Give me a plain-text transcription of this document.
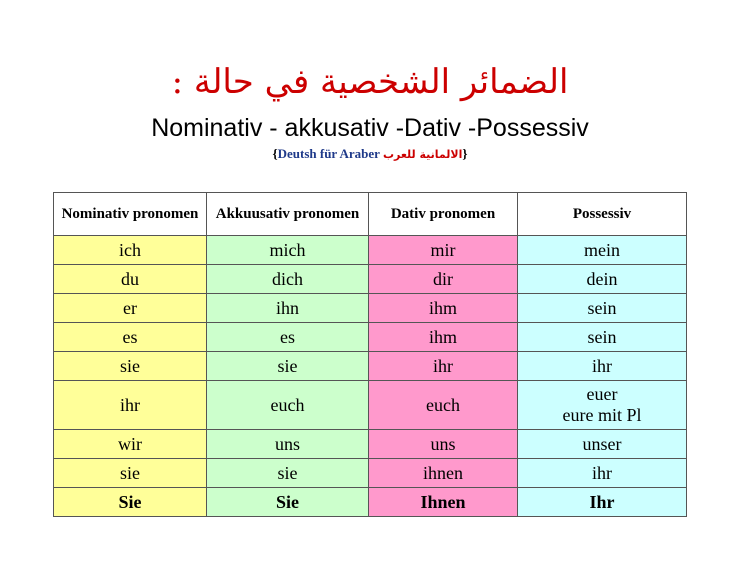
الضمائر الشخصية في حالة :
Nominativ - akkusativ -Dativ -Possessiv
{Deutsh für Araber الالمانية للعرب}
Nominativ pronomen	Akkuusativ pronomen	Dativ pronomen	Possessiv
ich	mich	mir	mein
du	dich	dir	dein
er	ihn	ihm	sein
es	es	ihm	sein
sie	sie	ihr	ihr
ihr	euch	euch	euer
eure mit Pl
wir	uns	uns	unser
sie	sie	ihnen	ihr
Sie	Sie	Ihnen	Ihr
